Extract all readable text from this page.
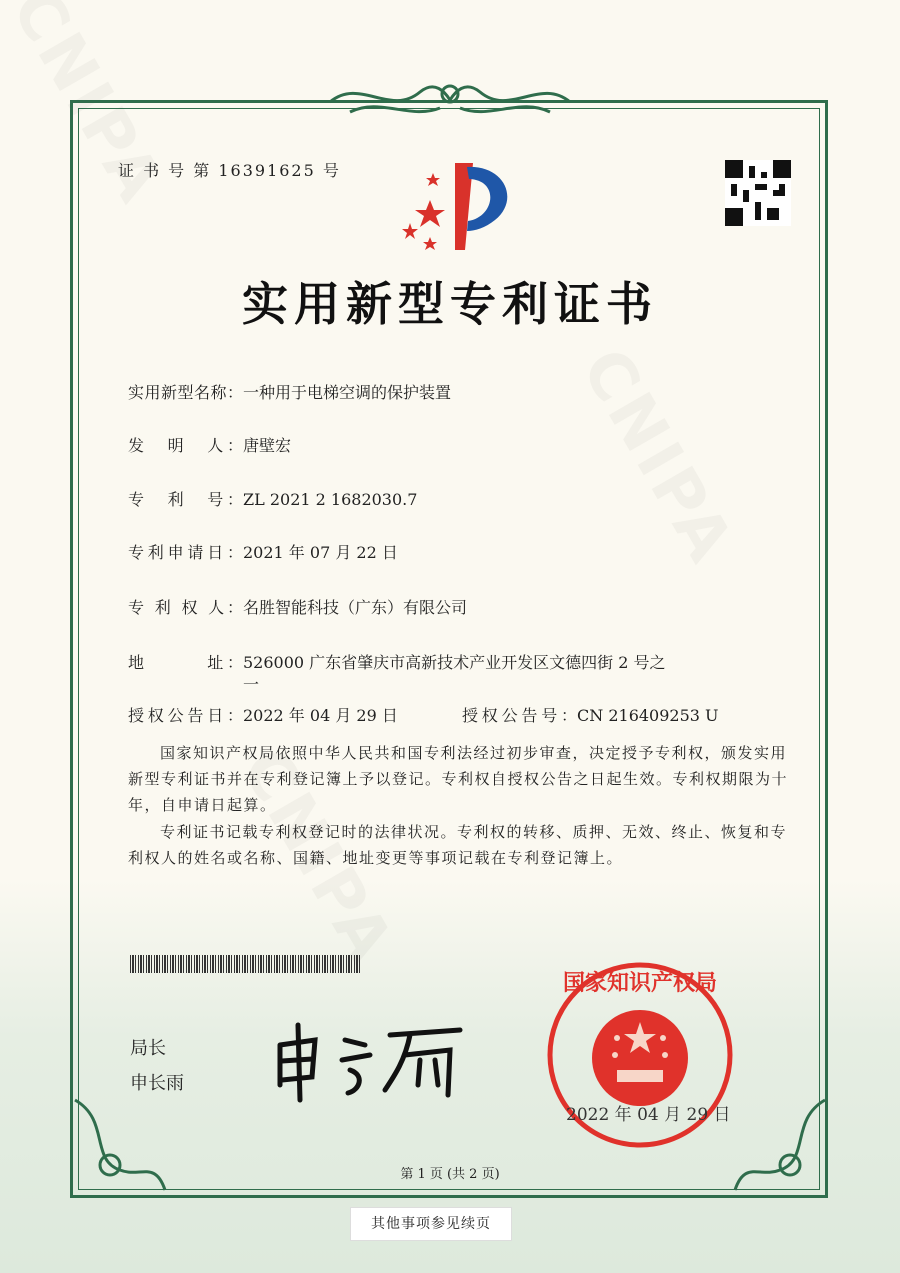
证 书 号 第 16391625 号
实用新型专利证书
实用新型名称：一种用于电梯空调的保护装置
发　明　人：唐壁宏
专　利　号：ZL 2021 2 1682030.7
专利申请日：2021 年 07 月 22 日
专 利 权 人：名胜智能科技（广东）有限公司
地　　　址：526000 广东省肇庆市高新技术产业开发区文德四街 2 号之
一
授权公告日：2022 年 04 月 29 日	授权公告号：CN 216409253 U

国家知识产权局依照中华人民共和国专利法经过初步审查，决定授予专利权，颁发实用新型专利证书并在专利登记簿上予以登记。专利权自授权公告之日起生效。专利权期限为十年，自申请日起算。

专利证书记载专利权登记时的法律状况。专利权的转移、质押、无效、终止、恢复和专利权人的姓名或名称、国籍、地址变更等事项记载在专利登记簿上。

局长
申长雨
国家知识产权局
2022 年 04 月 29 日
第 1 页 (共 2 页)
其他事项参见续页
